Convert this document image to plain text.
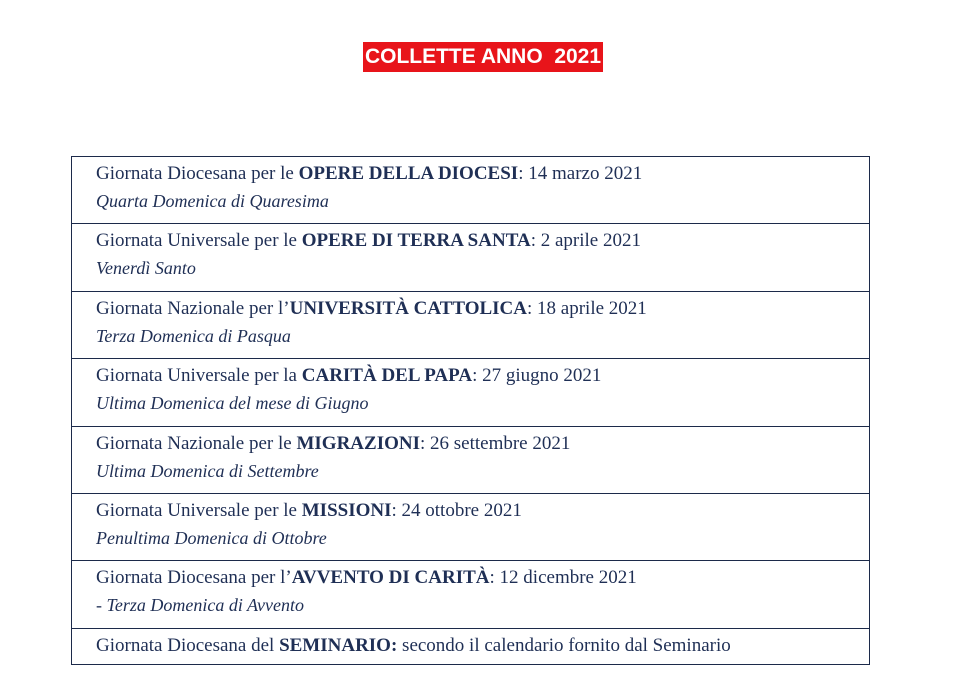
COLLETTE ANNO  2021
Giornata Diocesana per le OPERE DELLA DIOCESI: 14 marzo 2021
Quarta Domenica di Quaresima
Giornata Universale per le OPERE DI TERRA SANTA: 2 aprile 2021
Venerdì Santo
Giornata Nazionale per l’UNIVERSITÀ CATTOLICA: 18 aprile 2021
Terza Domenica di Pasqua
Giornata Universale per la CARITÀ DEL PAPA: 27 giugno 2021
Ultima Domenica del mese di Giugno
Giornata Nazionale per le MIGRAZIONI: 26 settembre 2021
Ultima Domenica di Settembre
Giornata Universale per le MISSIONI: 24 ottobre 2021
Penultima Domenica di Ottobre
Giornata Diocesana per l’AVVENTO DI CARITÀ: 12 dicembre 2021
- Terza Domenica di Avvento
Giornata Diocesana del SEMINARIO: secondo il calendario fornito dal Seminario
